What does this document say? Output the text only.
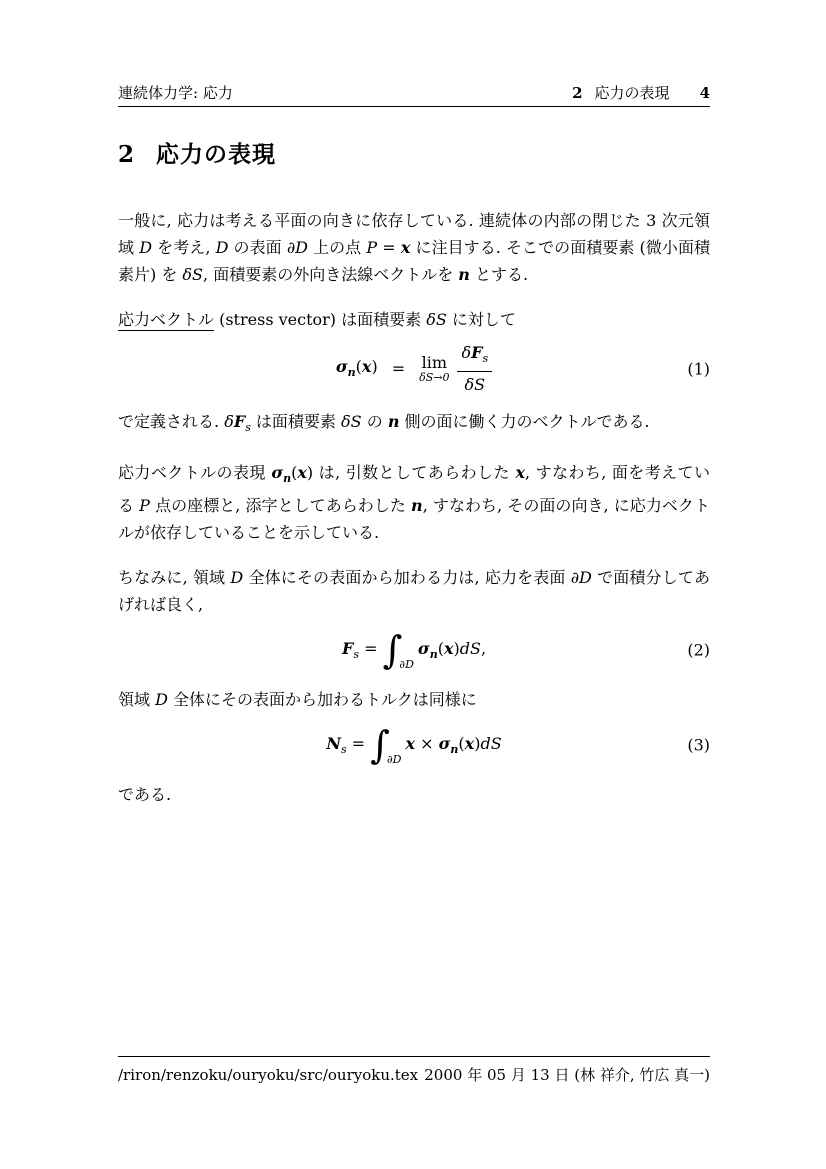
連続体力学: 応力	2 応力の表現 4
2 応力の表現

一般に, 応力は考える平面の向きに依存している. 連続体の内部の閉じた 3 次元領域 D を考え, D の表面 ∂D 上の点 P = x に注目する. そこでの面積要素 (微小面積素片) を δS, 面積要素の外向き法線ベクトルを n とする.

応力ベクトル (stress vector) は面積要素 δS に対して

$\sigma_n(x) = \lim$
$\delta S\to 0 \frac{\delta F_s}{\delta S}$	(1)

で定義される. $\delta F_s$ は面積要素 δS の n 側の面に働く力のベクトルである.

応力ベクトルの表現 $\sigma_n(x)$ は, 引数としてあらわした x, すなわち, 面を考えている P 点の座標と, 添字としてあらわした n, すなわち, その面の向き, に応力ベクトルが依存していることを示している.

ちなみに, 領域 D 全体にその表面から加わる力は, 応力を表面 ∂D で面積分してあげれば良く,

$F_s = \int_{\partial D}$
$\sigma_n(x)dS$,	(2)

領域 D 全体にその表面から加わるトルクは同様に

$N_s = \int_{\partial D}$
$x \times \sigma_n(x)dS$	(3)

である.

/riron/renzoku/ouryoku/src/ouryoku.tex 2000 年 05 月 13 日 (林 祥介, 竹広 真一)
